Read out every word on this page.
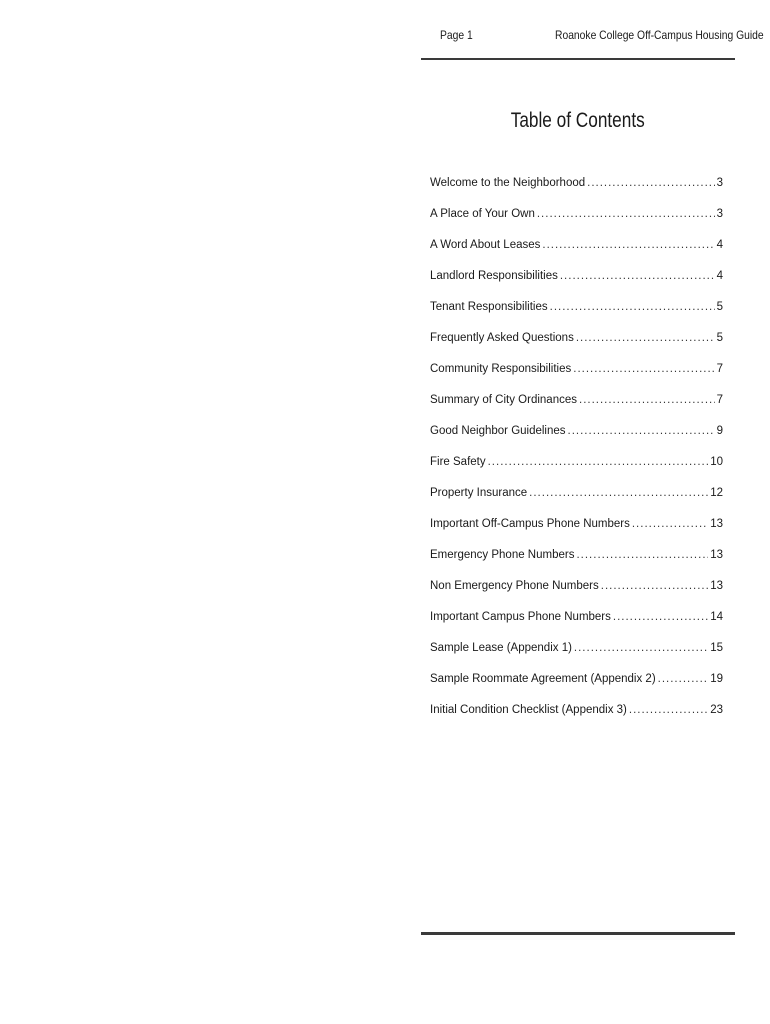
Page 1	Roanoke College Off-Campus Housing Guide
Table of Contents
Welcome to the Neighborhood .....	3
A Place of Your Own .....	3
A Word About Leases .....	4
Landlord Responsibilities .....	4
Tenant Responsibilities .....	5
Frequently Asked Questions .....	5
Community Responsibilities .....	7
Summary of City Ordinances .....	7
Good Neighbor Guidelines .....	9
Fire Safety .....	10
Property Insurance .....	12
Important Off-Campus Phone Numbers .....	13
Emergency Phone Numbers .....	13
Non Emergency Phone Numbers .....	13
Important Campus Phone Numbers .....	14
Sample Lease (Appendix 1) .....	15
Sample Roommate Agreement (Appendix 2) .....	19
Initial Condition Checklist (Appendix 3) .....	23
